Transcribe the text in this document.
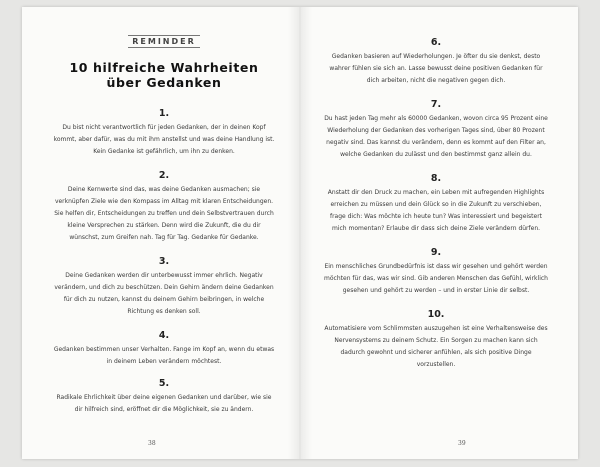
REMINDER
10 hilfreiche Wahrheiten
über Gedanken
1.
Du bist nicht verantwortlich für jeden Gedanken, der in deinen Kopf kommt, aber dafür, was du mit ihm anstellst und was deine Handlung ist. Kein Gedanke ist gefährlich, um ihn zu denken.
2.
Deine Kernwerte sind das, was deine Gedanken ausmachen; sie verknüpfen Ziele wie den Kompass im Alltag mit klaren Entscheidungen. Sie helfen dir, Entscheidungen zu treffen und dein Selbstvertrauen durch kleine Versprechen zu stärken. Denn wird die Zukunft, die du dir wünschst, zum Greifen nah. Tag für Tag. Gedanke für Gedanke.
3.
Deine Gedanken werden dir unterbewusst immer ehrlich. Negativ verändern, und dich zu beschützen. Dein Gehirn ändern deine Gedanken für dich zu nutzen, kannst du deinem Gehirn beibringen, in welche Richtung es denken soll.
4.
Gedanken bestimmen unser Verhalten. Fange im Kopf an, wenn du etwas in deinem Leben verändern möchtest.
5.
Radikale Ehrlichkeit über deine eigenen Gedanken und darüber, wie sie dir hilfreich sind, eröffnet dir die Möglichkeit, sie zu ändern.
38
6.
Gedanken basieren auf Wiederholungen. Je öfter du sie denkst, desto wahrer fühlen sie sich an. Lasse bewusst deine positiven Gedanken für dich arbeiten, nicht die negativen gegen dich.
7.
Du hast jeden Tag mehr als 60000 Gedanken, wovon circa 95 Prozent eine Wiederholung der Gedanken des vorherigen Tages sind, über 80 Prozent negativ sind. Das kannst du verändern, denn es kommt auf den Filter an, welche Gedanken du zulässt und den bestimmst ganz allein du.
8.
Anstatt dir den Druck zu machen, ein Leben mit aufregenden Highlights erreichen zu müssen und dein Glück so in die Zukunft zu verschieben, frage dich: Was möchte ich heute tun? Was interessiert und begeistert mich momentan? Erlaube dir dass sich deine Ziele verändern dürfen.
9.
Ein menschliches Grundbedürfnis ist dass wir gesehen und gehört werden möchten für das, was wir sind. Gib anderen Menschen das Gefühl, wirklich gesehen und gehört zu werden – und in erster Linie dir selbst.
10.
Automatisiere vom Schlimmsten auszugehen ist eine Verhaltensweise des Nervensystems zu deinem Schutz. Ein Sorgen zu machen kann sich dadurch gewohnt und sicherer anfühlen, als sich positive Dinge vorzustellen.
39
